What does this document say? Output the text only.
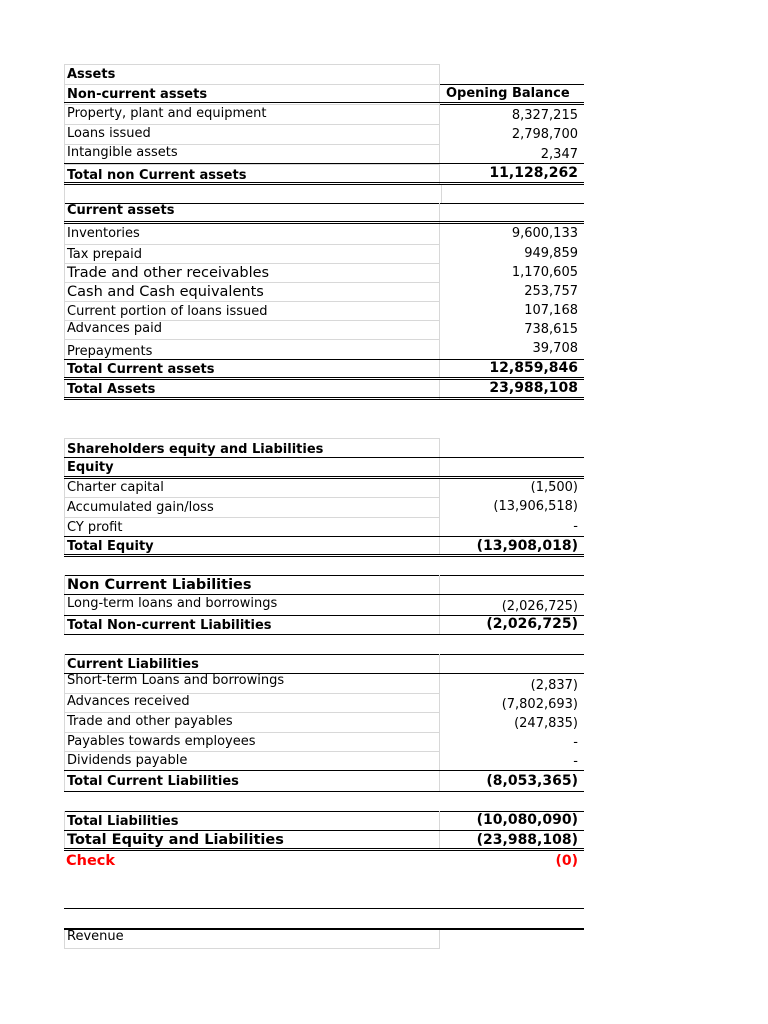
Assets
Non-current assets	Opening Balance
Property, plant and equipment	8,327,215
Loans issued	2,798,700
Intangible assets	2,347
Total non Current assets	11,128,262
Current assets
Inventories	9,600,133
Tax prepaid	949,859
Trade and other receivables	1,170,605
Cash and Cash equivalents	253,757
Current portion of loans issued	107,168
Advances paid	738,615
Prepayments	39,708
Total Current assets	12,859,846
Total Assets	23,988,108
Shareholders equity and Liabilities
Equity
Charter capital	(1,500)
Accumulated gain/loss	(13,906,518)
CY profit	-
Total Equity	(13,908,018)
Non Current Liabilities
Long-term loans and borrowings	(2,026,725)
Total Non-current Liabilities	(2,026,725)
Current Liabilities
Short-term Loans and borrowings	(2,837)
Advances received	(7,802,693)
Trade and other payables	(247,835)
Payables towards employees	-
Dividends payable	-
Total Current Liabilities	(8,053,365)
Total Liabilities	(10,080,090)
Total Equity and Liabilities	(23,988,108)
Check	(0)
Revenue
